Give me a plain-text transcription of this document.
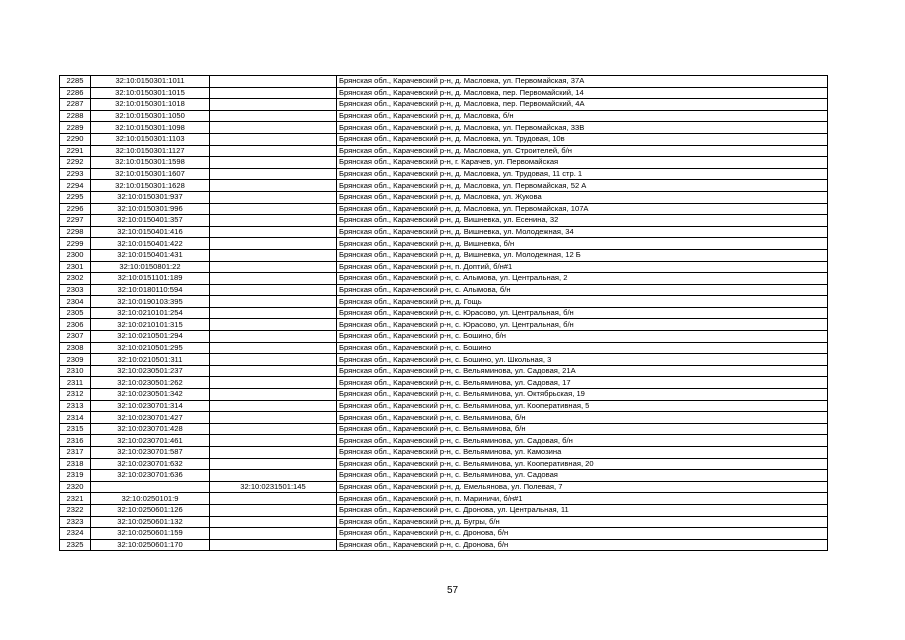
2285	32:10:0150301:1011		Брянская обл., Карачевский р-н, д. Масловка, ул. Первомайская, 37А
2286	32:10:0150301:1015		Брянская обл., Карачевский р-н, д. Масловка, пер. Первомайский, 14
2287	32:10:0150301:1018		Брянская обл., Карачевский р-н, д. Масловка, пер. Первомайский, 4А
2288	32:10:0150301:1050		Брянская обл., Карачевский р-н, д. Масловка, б/н
2289	32:10:0150301:1098		Брянская обл., Карачевский р-н, д. Масловка, ул. Первомайская, 33В
2290	32:10:0150301:1103		Брянская обл., Карачевский р-н, д. Масловка, ул. Трудовая, 10в
2291	32:10:0150301:1127		Брянская обл., Карачевский р-н, д. Масловка, ул. Строителей, б/н
2292	32:10:0150301:1598		Брянская обл., Карачевский р-н, г. Карачев, ул. Первомайская
2293	32:10:0150301:1607		Брянская обл., Карачевский р-н, д. Масловка, ул. Трудовая, 11 стр. 1
2294	32:10:0150301:1628		Брянская обл., Карачевский р-н, д. Масловка, ул. Первомайская, 52 А
2295	32:10:0150301:937		Брянская обл., Карачевский р-н, д. Масловка, ул. Жукова
2296	32:10:0150301:996		Брянская обл., Карачевский р-н, д. Масловка, ул. Первомайская, 107А
2297	32:10:0150401:357		Брянская обл., Карачевский р-н, д. Вишневка, ул. Есенина, 32
2298	32:10:0150401:416		Брянская обл., Карачевский р-н, д. Вишневка, ул. Молодежная, 34
2299	32:10:0150401:422		Брянская обл., Карачевский р-н, д. Вишневка, б/н
2300	32:10:0150401:431		Брянская обл., Карачевский р-н, д. Вишневка, ул. Молодежная, 12 Б
2301	32:10:0150801:22		Брянская обл., Карачевский р-н, п. Доптий, б/н#1
2302	32:10:0151101:189		Брянская обл., Карачевский р-н, с. Алымова, ул. Центральная, 2
2303	32:10:0180110:594		Брянская обл., Карачевский р-н, с. Алымова, б/н
2304	32:10:0190103:395		Брянская обл., Карачевский р-н, д. Гощь
2305	32:10:0210101:254		Брянская обл., Карачевский р-н, с. Юрасово, ул. Центральная, б/н
2306	32:10:0210101:315		Брянская обл., Карачевский р-н, с. Юрасово, ул. Центральная, б/н
2307	32:10:0210501:294		Брянская обл., Карачевский р-н, с. Бошино, б/н
2308	32:10:0210501:295		Брянская обл., Карачевский р-н, с. Бошино
2309	32:10:0210501:311		Брянская обл., Карачевский р-н, с. Бошино, ул. Школьная, 3
2310	32:10:0230501:237		Брянская обл., Карачевский р-н, с. Вельяминова, ул. Садовая, 21А
2311	32:10:0230501:262		Брянская обл., Карачевский р-н, с. Вельяминова, ул. Садовая, 17
2312	32:10:0230501:342		Брянская обл., Карачевский р-н, с. Вельяминова, ул. Октябрьская, 19
2313	32:10:0230701:314		Брянская обл., Карачевский р-н, с. Вельяминова, ул. Кооперативная, 5
2314	32:10:0230701:427		Брянская обл., Карачевский р-н, с. Вельяминова, б/н
2315	32:10:0230701:428		Брянская обл., Карачевский р-н, с. Вельяминова, б/н
2316	32:10:0230701:461		Брянская обл., Карачевский р-н, с. Вельяминова, ул. Садовая, б/н
2317	32:10:0230701:587		Брянская обл., Карачевский р-н, с. Вельяминова, ул. Камозина
2318	32:10:0230701:632		Брянская обл., Карачевский р-н, с. Вельяминова, ул. Кооперативная, 20
2319	32:10:0230701:636		Брянская обл., Карачевский р-н, с. Вельяминова, ул. Садовая
2320		32:10:0231501:145	Брянская обл., Карачевский р-н, д. Емельянова, ул. Полевая, 7
2321	32:10:0250101:9		Брянская обл., Карачевский р-н, п. Мариничи, б/н#1
2322	32:10:0250601:126		Брянская обл., Карачевский р-н, с. Дронова, ул. Центральная, 11
2323	32:10:0250601:132		Брянская обл., Карачевский р-н, д. Бугры, б/н
2324	32:10:0250601:159		Брянская обл., Карачевский р-н, с. Дронова, б/н
2325	32:10:0250601:170		Брянская обл., Карачевский р-н, с. Дронова, б/н
57
